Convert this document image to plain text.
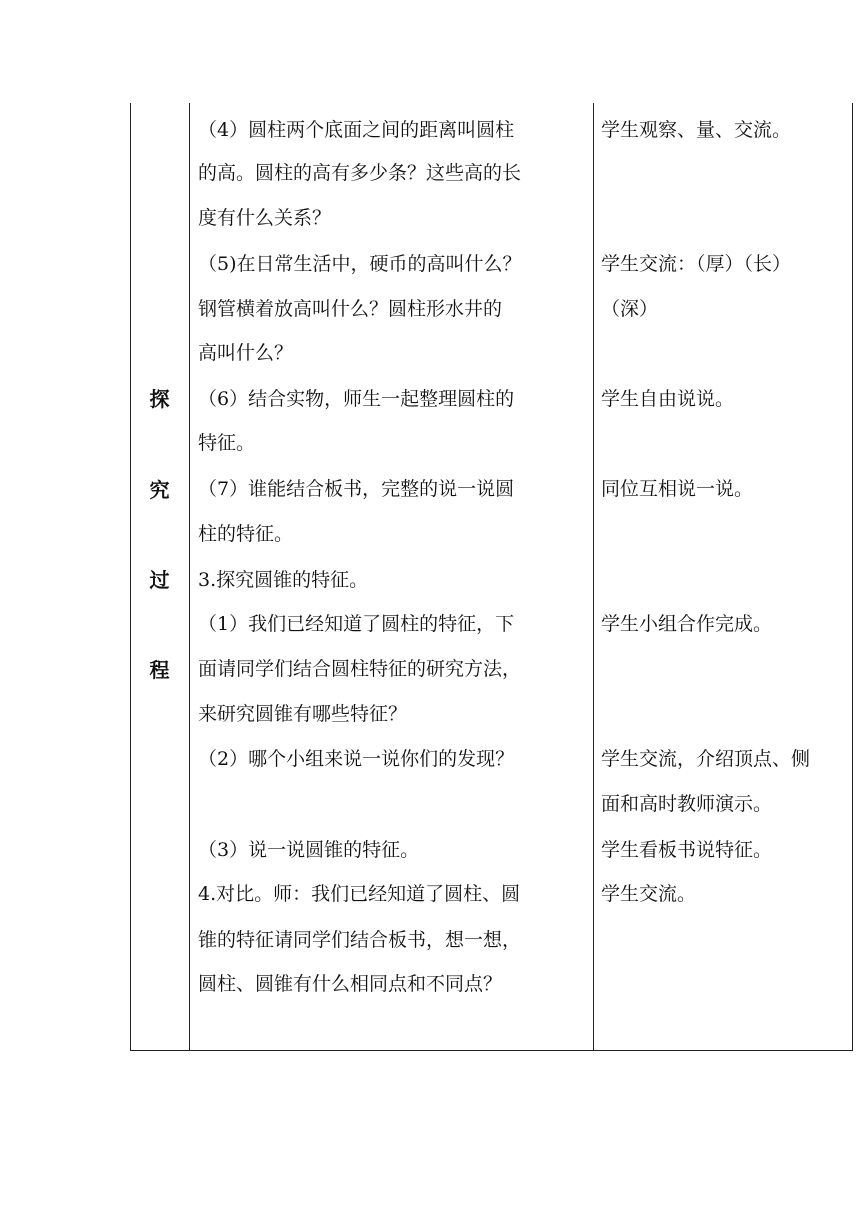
探
究
过
程
（4）圆柱两个底面之间的距离叫圆柱
的高。圆柱的高有多少条？这些高的长
度有什么关系？
（5)在日常生活中，硬币的高叫什么？
钢管横着放高叫什么？圆柱形水井的
高叫什么？
（6）结合实物，师生一起整理圆柱的
特征。
（7）谁能结合板书，完整的说一说圆
柱的特征。
3.探究圆锥的特征。
（1）我们已经知道了圆柱的特征，下
面请同学们结合圆柱特征的研究方法，
来研究圆锥有哪些特征？
（2）哪个小组来说一说你们的发现？
（3）说一说圆锥的特征。
4.对比。师：我们已经知道了圆柱、圆
锥的特征请同学们结合板书，想一想，
圆柱、圆锥有什么相同点和不同点？
学生观察、量、交流。
学生交流：（厚）（长）
（深）
学生自由说说。
同位互相说一说。
学生小组合作完成。
学生交流，介绍顶点、侧
面和高时教师演示。
学生看板书说特征。
学生交流。
